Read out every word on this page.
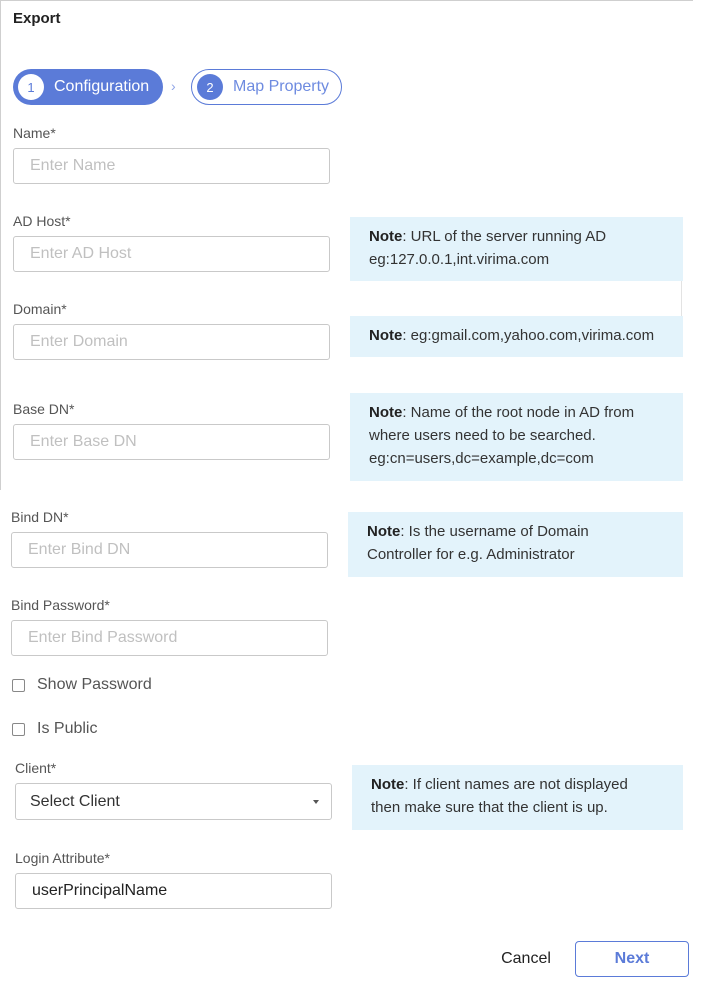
Export
1	Configuration ›	2	Map Property
Name*
Enter Name
AD Host*
Enter AD Host
Note: URL of the server running AD
eg:127.0.0.1,int.virima.com
Domain*
Enter Domain
Note: eg:gmail.com,yahoo.com,virima.com
Base DN*
Enter Base DN	Note: Name of the root node in AD from
where users need to be searched.
eg:cn=users,dc=example,dc=com
Bind DN*
Enter Bind DN
Note: Is the username of Domain
Controller for e.g. Administrator
Bind Password*
Show Password
Is Public
Client*
Select Client
Note: If client names are not displayed
then make sure that the client is up.
Login Attribute*
userPrincipalName
Cancel	Next
